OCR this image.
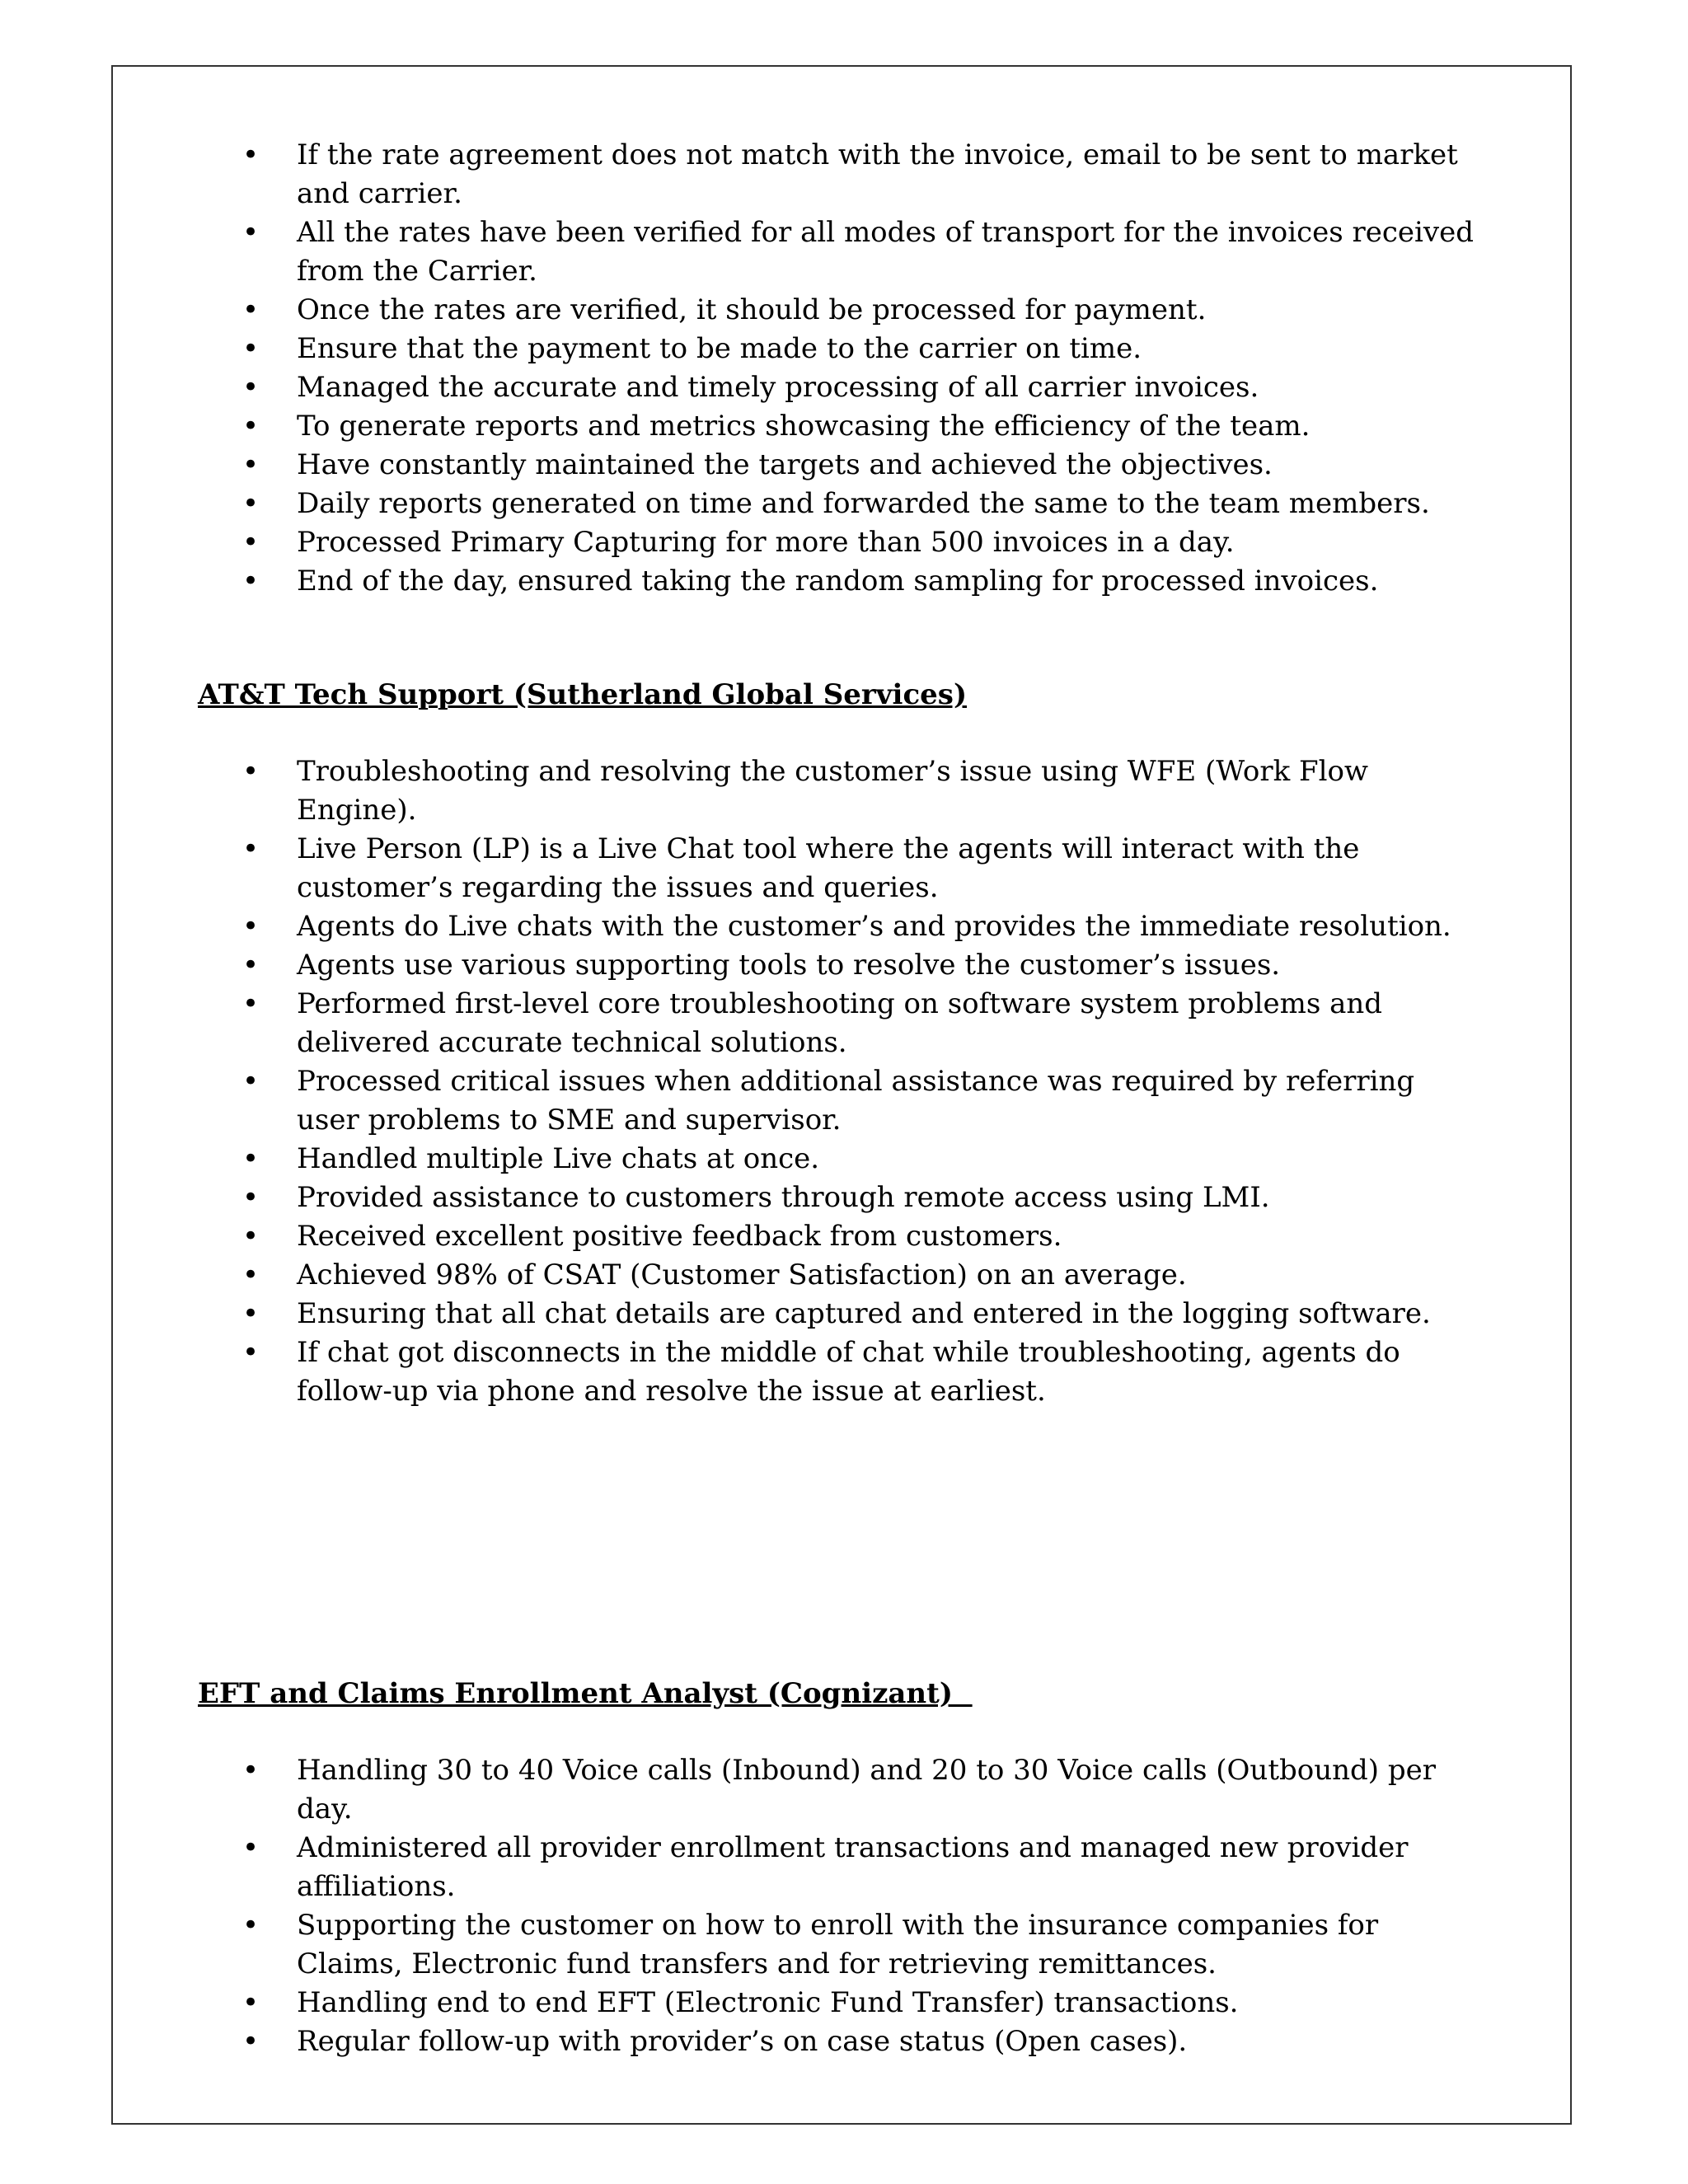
• If the rate agreement does not match with the invoice, email to be sent to market and carrier.
• All the rates have been verified for all modes of transport for the invoices received from the Carrier.
• Once the rates are verified, it should be processed for payment.
• Ensure that the payment to be made to the carrier on time.
• Managed the accurate and timely processing of all carrier invoices.
• To generate reports and metrics showcasing the efficiency of the team.
• Have constantly maintained the targets and achieved the objectives.
• Daily reports generated on time and forwarded the same to the team members.
• Processed Primary Capturing for more than 500 invoices in a day.
• End of the day, ensured taking the random sampling for processed invoices.
AT&T Tech Support (Sutherland Global Services)
• Troubleshooting and resolving the customer’s issue using WFE (Work Flow Engine).
• Live Person (LP) is a Live Chat tool where the agents will interact with the customer’s regarding the issues and queries.
• Agents do Live chats with the customer’s and provides the immediate resolution.
• Agents use various supporting tools to resolve the customer’s issues.
• Performed first-level core troubleshooting on software system problems and delivered accurate technical solutions.
• Processed critical issues when additional assistance was required by referring user problems to SME and supervisor.
• Handled multiple Live chats at once.
• Provided assistance to customers through remote access using LMI.
• Received excellent positive feedback from customers.
• Achieved 98% of CSAT (Customer Satisfaction) on an average.
• Ensuring that all chat details are captured and entered in the logging software.
• If chat got disconnects in the middle of chat while troubleshooting, agents do follow-up via phone and resolve the issue at earliest.
EFT and Claims Enrollment Analyst (Cognizant)
• Handling 30 to 40 Voice calls (Inbound) and 20 to 30 Voice calls (Outbound) per day.
• Administered all provider enrollment transactions and managed new provider affiliations.
• Supporting the customer on how to enroll with the insurance companies for Claims, Electronic fund transfers and for retrieving remittances.
• Handling end to end EFT (Electronic Fund Transfer) transactions.
• Regular follow-up with provider’s on case status (Open cases).
